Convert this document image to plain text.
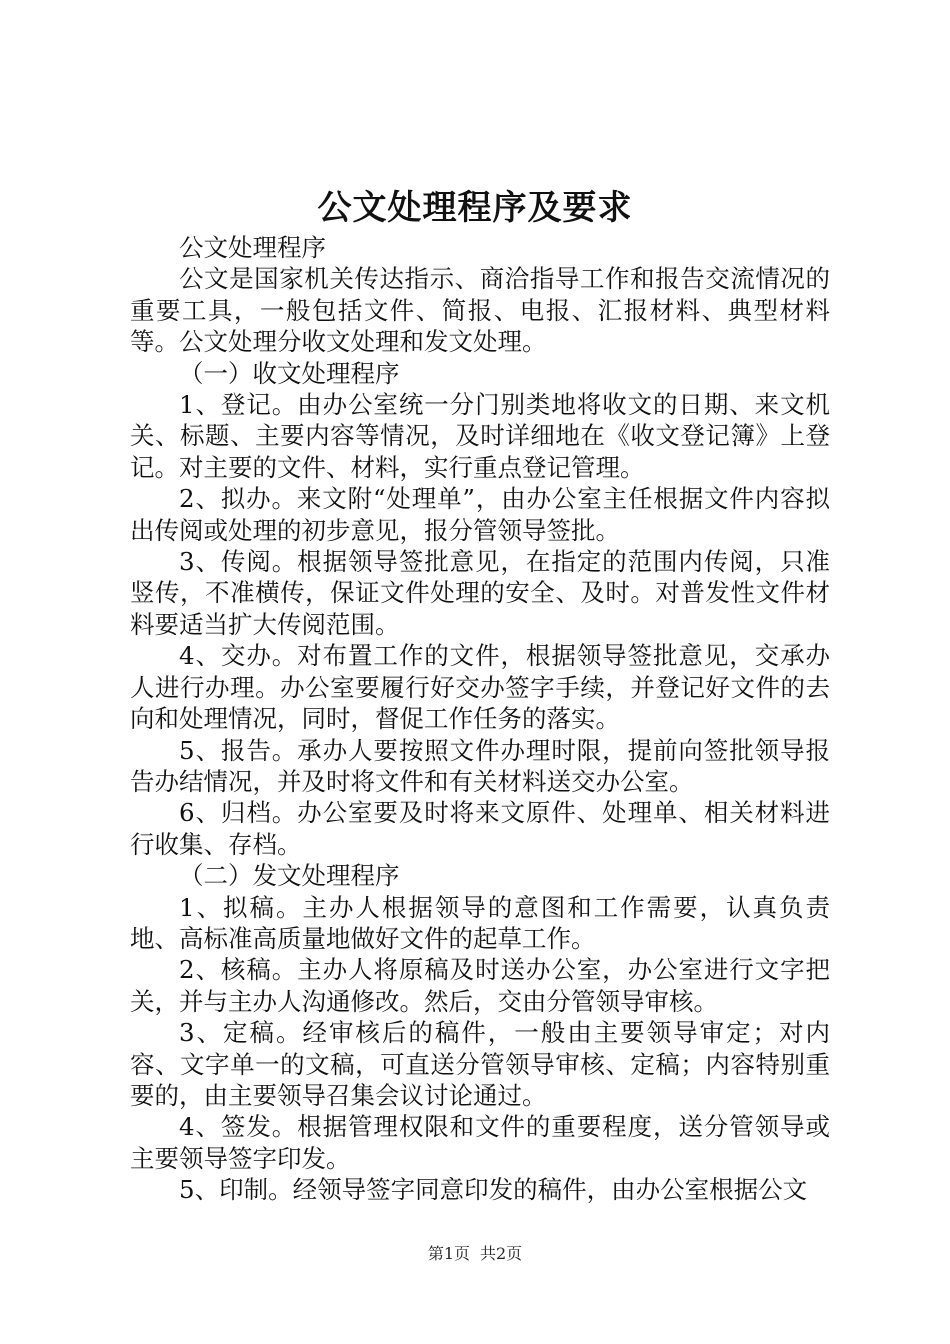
公文处理程序及要求

公文处理程序

公文是国家机关传达指示、商洽指导工作和报告交流情况的重要工具，一般包括文件、简报、电报、汇报材料、典型材料等。公文处理分收文处理和发文处理。

（一）收文处理程序

1、登记。由办公室统一分门别类地将收文的日期、来文机关、标题、主要内容等情况，及时详细地在《收文登记簿》上登记。对主要的文件、材料，实行重点登记管理。

2、拟办。来文附“处理单”，由办公室主任根据文件内容拟出传阅或处理的初步意见，报分管领导签批。

3、传阅。根据领导签批意见，在指定的范围内传阅，只准竖传，不准横传，保证文件处理的安全、及时。对普发性文件材料要适当扩大传阅范围。

4、交办。对布置工作的文件，根据领导签批意见，交承办人进行办理。办公室要履行好交办签字手续，并登记好文件的去向和处理情况，同时，督促工作任务的落实。

5、报告。承办人要按照文件办理时限，提前向签批领导报告办结情况，并及时将文件和有关材料送交办公室。

6、归档。办公室要及时将来文原件、处理单、相关材料进行收集、存档。

（二）发文处理程序

1、拟稿。主办人根据领导的意图和工作需要，认真负责地、高标准高质量地做好文件的起草工作。

2、核稿。主办人将原稿及时送办公室，办公室进行文字把关，并与主办人沟通修改。然后，交由分管领导审核。

3、定稿。经审核后的稿件，一般由主要领导审定；对内容、文字单一的文稿，可直送分管领导审核、定稿；内容特别重要的，由主要领导召集会议讨论通过。

4、签发。根据管理权限和文件的重要程度，送分管领导或主要领导签字印发。

5、印制。经领导签字同意印发的稿件，由办公室根据公文

第1页 共2页
